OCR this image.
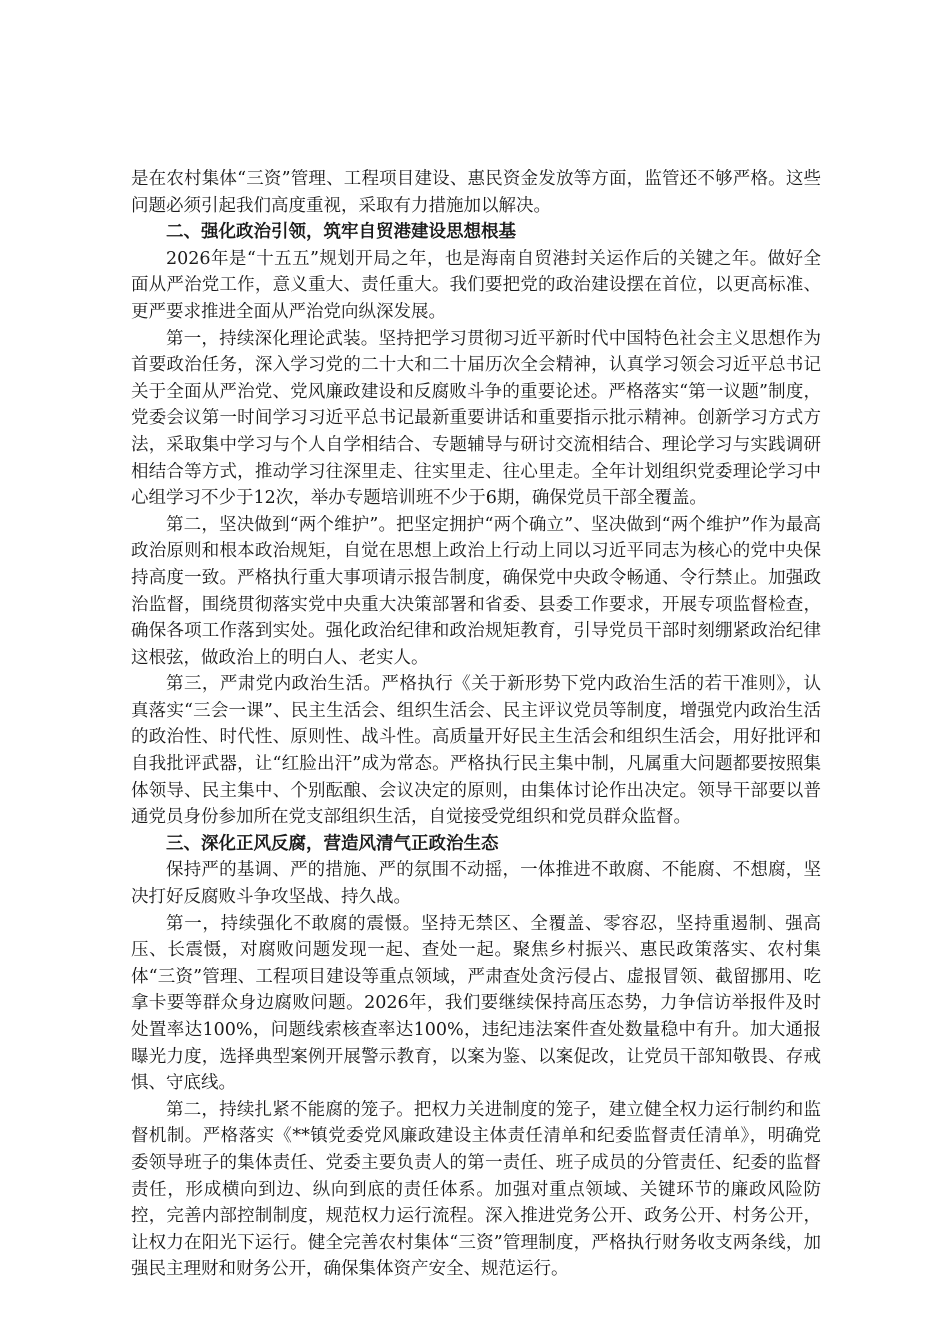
是在农村集体“三资”管理、工程项目建设、惠民资金发放等方面，监管还不够严格。这些问题必须引起我们高度重视，采取有力措施加以解决。

二、强化政治引领，筑牢自贸港建设思想根基

2026年是“十五五”规划开局之年，也是海南自贸港封关运作后的关键之年。做好全面从严治党工作，意义重大、责任重大。我们要把党的政治建设摆在首位，以更高标准、更严要求推进全面从严治党向纵深发展。

第一，持续深化理论武装。坚持把学习贯彻习近平新时代中国特色社会主义思想作为首要政治任务，深入学习党的二十大和二十届历次全会精神，认真学习领会习近平总书记关于全面从严治党、党风廉政建设和反腐败斗争的重要论述。严格落实“第一议题”制度，党委会议第一时间学习习近平总书记最新重要讲话和重要指示批示精神。创新学习方式方法，采取集中学习与个人自学相结合、专题辅导与研讨交流相结合、理论学习与实践调研相结合等方式，推动学习往深里走、往实里走、往心里走。全年计划组织党委理论学习中心组学习不少于12次，举办专题培训班不少于6期，确保党员干部全覆盖。

第二，坚决做到“两个维护”。把坚定拥护“两个确立”、坚决做到“两个维护”作为最高政治原则和根本政治规矩，自觉在思想上政治上行动上同以习近平同志为核心的党中央保持高度一致。严格执行重大事项请示报告制度，确保党中央政令畅通、令行禁止。加强政治监督，围绕贯彻落实党中央重大决策部署和省委、县委工作要求，开展专项监督检查，确保各项工作落到实处。强化政治纪律和政治规矩教育，引导党员干部时刻绷紧政治纪律这根弦，做政治上的明白人、老实人。

第三，严肃党内政治生活。严格执行《关于新形势下党内政治生活的若干准则》，认真落实“三会一课”、民主生活会、组织生活会、民主评议党员等制度，增强党内政治生活的政治性、时代性、原则性、战斗性。高质量开好民主生活会和组织生活会，用好批评和自我批评武器，让“红脸出汗”成为常态。严格执行民主集中制，凡属重大问题都要按照集体领导、民主集中、个别酝酿、会议决定的原则，由集体讨论作出决定。领导干部要以普通党员身份参加所在党支部组织生活，自觉接受党组织和党员群众监督。

三、深化正风反腐，营造风清气正政治生态

保持严的基调、严的措施、严的氛围不动摇，一体推进不敢腐、不能腐、不想腐，坚决打好反腐败斗争攻坚战、持久战。

第一，持续强化不敢腐的震慑。坚持无禁区、全覆盖、零容忍，坚持重遏制、强高压、长震慑，对腐败问题发现一起、查处一起。聚焦乡村振兴、惠民政策落实、农村集体“三资”管理、工程项目建设等重点领域，严肃查处贪污侵占、虚报冒领、截留挪用、吃拿卡要等群众身边腐败问题。2026年，我们要继续保持高压态势，力争信访举报件及时处置率达100%，问题线索核查率达100%，违纪违法案件查处数量稳中有升。加大通报曝光力度，选择典型案例开展警示教育，以案为鉴、以案促改，让党员干部知敬畏、存戒惧、守底线。

第二，持续扎紧不能腐的笼子。把权力关进制度的笼子，建立健全权力运行制约和监督机制。严格落实《**镇党委党风廉政建设主体责任清单和纪委监督责任清单》，明确党委领导班子的集体责任、党委主要负责人的第一责任、班子成员的分管责任、纪委的监督责任，形成横向到边、纵向到底的责任体系。加强对重点领域、关键环节的廉政风险防控，完善内部控制制度，规范权力运行流程。深入推进党务公开、政务公开、村务公开，让权力在阳光下运行。健全完善农村集体“三资”管理制度，严格执行财务收支两条线，加强民主理财和财务公开，确保集体资产安全、规范运行。
